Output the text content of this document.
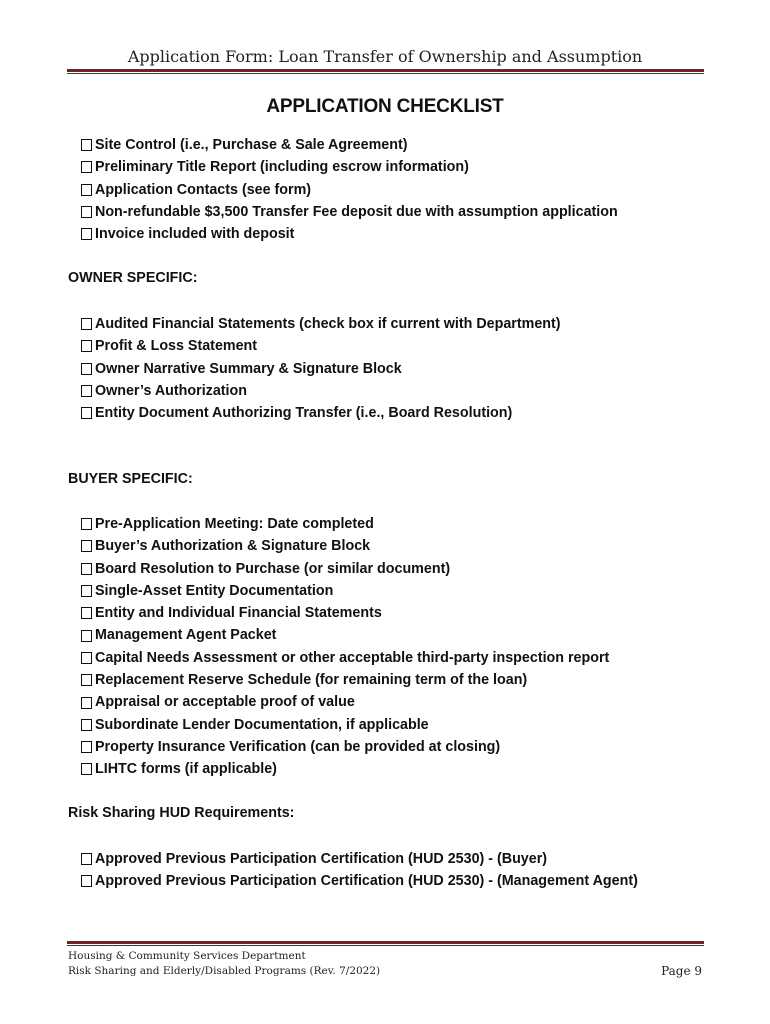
Application Form: Loan Transfer of Ownership and Assumption
APPLICATION CHECKLIST
Site Control (i.e., Purchase & Sale Agreement)
Preliminary Title Report (including escrow information)
Application Contacts (see form)
Non-refundable $3,500 Transfer Fee deposit due with assumption application
Invoice included with deposit
OWNER SPECIFIC:
Audited Financial Statements (check box if current with Department)
Profit & Loss Statement
Owner Narrative Summary & Signature Block
Owner’s Authorization
Entity Document Authorizing Transfer (i.e., Board Resolution)
BUYER SPECIFIC:
Pre-Application Meeting: Date completed
Buyer’s Authorization & Signature Block
Board Resolution to Purchase (or similar document)
Single-Asset Entity Documentation
Entity and Individual Financial Statements
Management Agent Packet
Capital Needs Assessment or other acceptable third-party inspection report
Replacement Reserve Schedule (for remaining term of the loan)
Appraisal or acceptable proof of value
Subordinate Lender Documentation, if applicable
Property Insurance Verification (can be provided at closing)
LIHTC forms (if applicable)
Risk Sharing HUD Requirements:
Approved Previous Participation Certification (HUD 2530) - (Buyer)
Approved Previous Participation Certification (HUD 2530) - (Management Agent)
Housing & Community Services Department
Risk Sharing and Elderly/Disabled Programs (Rev. 7/2022)	Page 9
